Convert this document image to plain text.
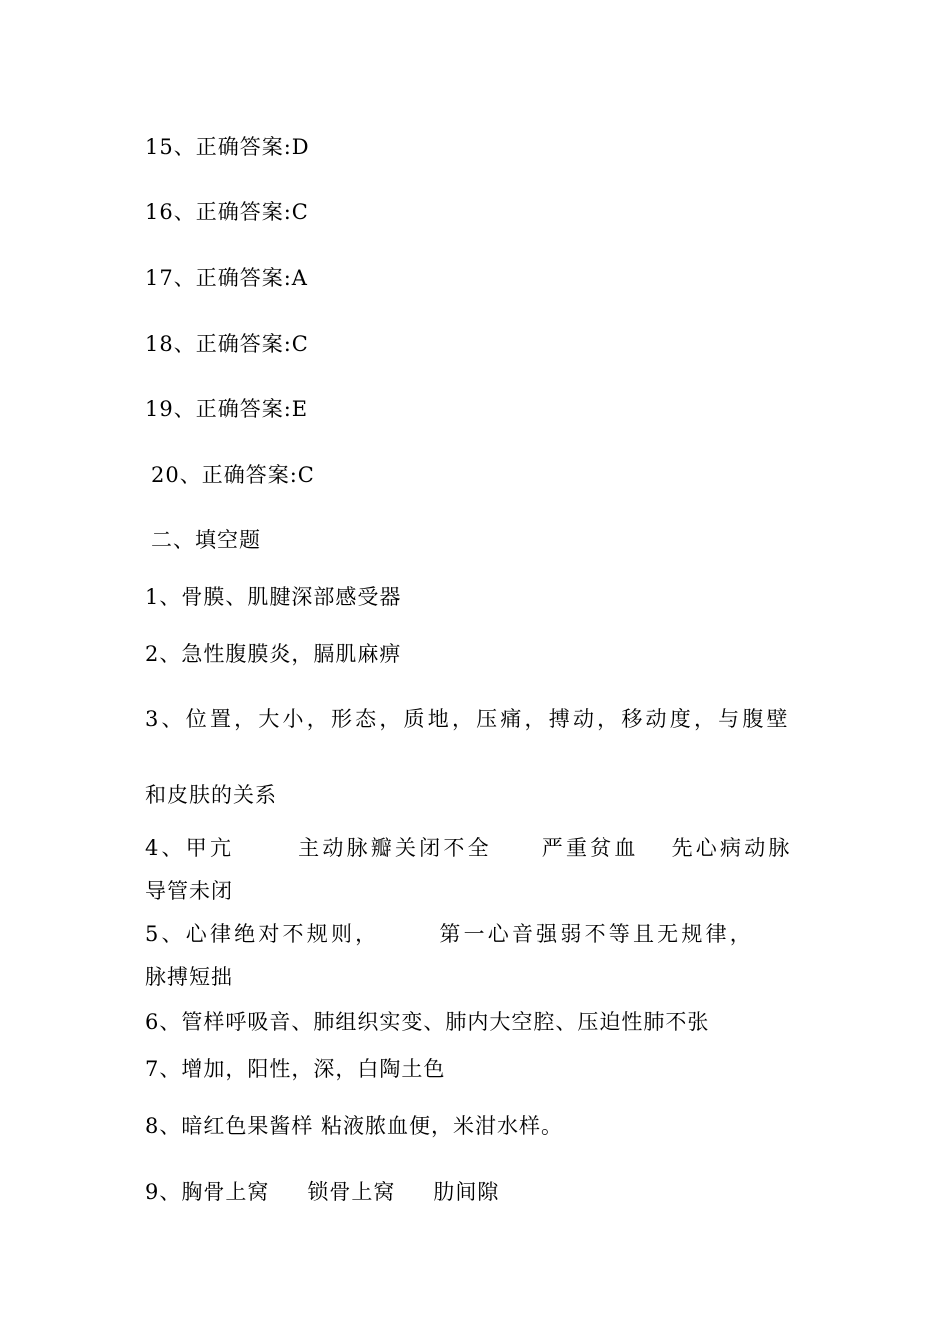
15、正确答案:D
16、正确答案:C
17、正确答案:A
18、正确答案:C
19、正确答案:E
20、正确答案:C
二、填空题
1、骨膜、肌腱深部感受器
2、急性腹膜炎，膈肌麻痹
3、位置，大小，形态，质地，压痛，搏动，移动度，与腹壁
和皮肤的关系
4、甲亢	主动脉瓣关闭不全 严重贫血 先心病动脉
导管未闭
5、心律绝对不规则，	第一心音强弱不等且无规律，
脉搏短拙
6、管样呼吸音、肺组织实变、肺内大空腔、压迫性肺不张
7、增加，阳性，深，白陶土色
8、暗红色果酱样 粘液脓血便，米泔水样。
9、胸骨上窝 锁骨上窝 肋间隙
